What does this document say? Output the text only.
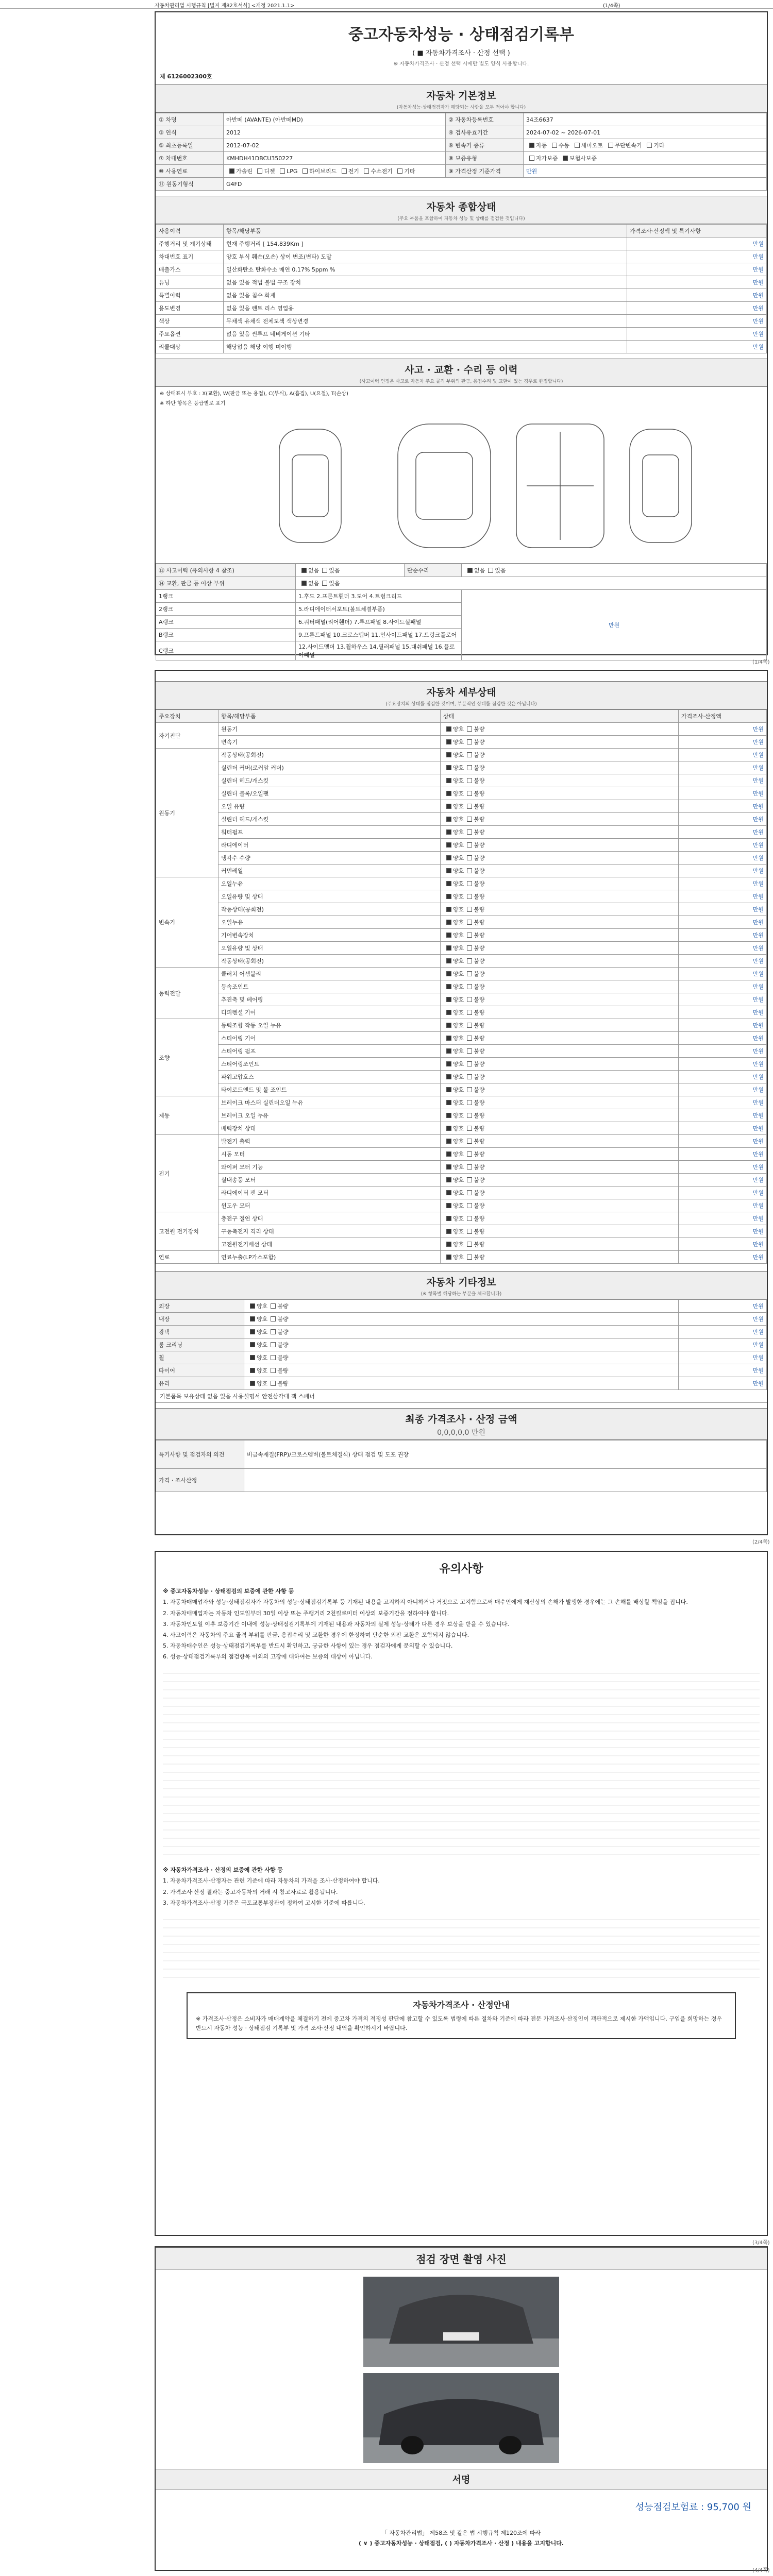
자동차관리법 시행규칙 [별지 제82호서식] <개정 2021.1.1>	(1/4쪽)
중고자동차성능 · 상태점검기록부
( ■ 자동차가격조사 · 산정 선택 )
※ 자동차가격조사 · 산정 선택 시에만 별도 양식 사용합니다.
제 6126002300호
자동차 기본정보
(자동차성능·상태점검자가 해당되는 사항을 모두 적어야 합니다)
① 차명	아반떼 (AVANTE) (아반떼MD)	② 자동차등록번호	34조6637
③ 연식	2012	④ 검사유효기간	2024-07-02 ~ 2026-07-01
⑤ 최초등록일	2012-07-02	⑥ 변속기 종류	자동 수동 세미오토 무단변속기 기타
⑦ 차대번호	KMHDH41DBCU350227	⑧ 보증유형	자가보증 보험사보증
⑩ 사용연료	가솔린 디젤 LPG 하이브리드 전기 수소전기 기타	⑨ 가격산정 기준가격	만원
⑪ 원동기형식	G4FD		
자동차 종합상태
(주요 부품을 포함하여 자동차 성능 및 상태를 점검한 것입니다)
사용이력	항목/해당부품	가격조사·산정액 및 특기사항
주행거리 및 계기상태	현재 주행거리 [ 154,839Km ]	만원
차대번호 표기	양호 부식 훼손(오손) 상이 변조(변타) 도말	만원
배출가스	일산화탄소 탄화수소 매연 0.17% 5ppm %	만원
튜닝	없음 있음 적법 불법 구조 장치	만원
특별이력	없음 있음 침수 화재	만원
용도변경	없음 있음 렌트 리스 영업용	만원
색상	무채색 유채색 전체도색 색상변경	만원
주요옵션	없음 있음 썬루프 네비게이션 기타	만원
리콜대상	해당없음 해당 이행 미이행	만원
사고 · 교환 · 수리 등 이력
(사고이력 인정은 사고로 자동차 주요 골격 부위의 판금, 용접수리 및 교환이 있는 경우로 한정합니다)
※ 상태표시 부호 : X(교환), W(판금 또는 용접), C(부식), A(흠집), U(요철), T(손상)
※ 하단 항목은 등급별로 표기
⑬ 사고이력 (유의사항 4 참조)	없음 있음	단순수리	없음 있음
⑭ 교환, 판금 등 이상 부위	없음 있음		
1랭크	1.후드 2.프론트휀더 3.도어 4.트렁크리드		만원
2랭크	5.라디에이터서포트(볼트체결부품)		
A랭크	6.쿼터패널(리어휀더) 7.루프패널 8.사이드실패널		
B랭크	9.프론트패널 10.크로스멤버 11.인사이드패널 17.트렁크플로어		
C랭크	12.사이드멤버 13.휠하우스 14.필러패널 15.대쉬패널 16.플로어패널		
(1/4쪽)
자동차 세부상태
(주요장치의 상태를 점검한 것이며, 부분적인 상태를 점검한 것은 아닙니다)
주요장치	항목/해당부품	상태	가격조사·산정액
자기진단	원동기	양호 불량	만원
	변속기	양호 불량	만원
원동기	작동상태(공회전)	양호 불량	만원
	실린더 커버(로커암 커버)	양호 불량	만원
	실린더 헤드/개스킷	양호 불량	만원
	실린더 블록/오일팬	양호 불량	만원
	오일 유량	양호 불량	만원
	실린더 헤드/개스킷	양호 불량	만원
	워터펌프	양호 불량	만원
	라디에이터	양호 불량	만원
	냉각수 수량	양호 불량	만원
	커먼레일	양호 불량	만원
변속기	오일누유	양호 불량	만원
	오일유량 및 상태	양호 불량	만원
	작동상태(공회전)	양호 불량	만원
	오일누유	양호 불량	만원
	기어변속장치	양호 불량	만원
	오일유량 및 상태	양호 불량	만원
	작동상태(공회전)	양호 불량	만원
동력전달	클러치 어셈블리	양호 불량	만원
	등속조인트	양호 불량	만원
	추진축 및 베어링	양호 불량	만원
	디퍼렌셜 기어	양호 불량	만원
조향	동력조향 작동 오일 누유	양호 불량	만원
	스티어링 기어	양호 불량	만원
	스티어링 펌프	양호 불량	만원
	스티어링조인트	양호 불량	만원
	파워고압호스	양호 불량	만원
	타이로드엔드 및 볼 조인트	양호 불량	만원
제동	브레이크 마스터 실린더오일 누유	양호 불량	만원
	브레이크 오일 누유	양호 불량	만원
	배력장치 상태	양호 불량	만원
전기	발전기 출력	양호 불량	만원
	시동 모터	양호 불량	만원
	와이퍼 모터 기능	양호 불량	만원
	실내송풍 모터	양호 불량	만원
	라디에이터 팬 모터	양호 불량	만원
	윈도우 모터	양호 불량	만원
고전원 전기장치	충전구 절연 상태	양호 불량	만원
	구동축전지 격리 상태	양호 불량	만원
	고전원전기배선 상태	양호 불량	만원
연료	연료누출(LP가스포함)	양호 불량	만원
자동차 기타정보
(※ 항목별 해당하는 부분을 체크합니다)
외장	양호 불량	만원
내장	양호 불량	만원
광택	양호 불량	만원
룸 크리닝	양호 불량	만원
휠	양호 불량	만원
타이어	양호 불량	만원
유리	양호 불량	만원
기본품목 보유상태 없음 있음 사용설명서 안전삼각대 잭 스패너
최종 가격조사 · 산정 금액
0,0,0,0,0 만원
특기사항 및 점검자의 의견	비금속재질(FRP)/크로스멤버(볼트체결식) 상태 점검 및 도포 권장
가격 · 조사산정	
(2/4쪽)
유의사항

※ 중고자동차성능 · 상태점검의 보증에 관한 사항 등

1. 자동차매매업자와 성능·상태점검자가 자동차의 성능·상태점검기록부 등 기재된 내용을 고지하지 아니하거나 거짓으로 고지함으로써 매수인에게 재산상의 손해가 발생한 경우에는 그 손해를 배상할 책임을 집니다.

2. 자동차매매업자는 자동차 인도일부터 30일 이상 또는 주행거리 2천킬로미터 이상의 보증기간을 정하여야 합니다.

3. 자동차인도일 이후 보증기간 이내에 성능·상태점검기록부에 기재된 내용과 자동차의 실제 성능·상태가 다른 경우 보상을 받을 수 있습니다.

4. 사고이력은 자동차의 주요 골격 부위를 판금, 용접수리 및 교환한 경우에 한정하며 단순한 외판 교환은 포함되지 않습니다.

5. 자동차매수인은 성능·상태점검기록부를 반드시 확인하고, 궁금한 사항이 있는 경우 점검자에게 문의할 수 있습니다.

6. 성능·상태점검기록부의 점검항목 이외의 고장에 대하여는 보증의 대상이 아닙니다.

※ 자동차가격조사 · 산정의 보증에 관한 사항 등

1. 자동차가격조사·산정자는 관련 기준에 따라 자동차의 가격을 조사·산정하여야 합니다.

2. 가격조사·산정 결과는 중고자동차의 거래 시 참고자료로 활용됩니다.

3. 자동차가격조사·산정 기준은 국토교통부장관이 정하여 고시한 기준에 따릅니다.

자동차가격조사 · 산정안내
※ 가격조사·산정은 소비자가 매매계약을 체결하기 전에 중고차 가격의 적정성 판단에 참고할 수 있도록 법령에 따른 절차와 기준에 따라 전문 가격조사·산정인이 객관적으로 제시한 가액입니다. 구입을 희망하는 경우 반드시 자동차 성능 · 상태점검 기록부 및 가격 조사·산정 내역을 확인하시기 바랍니다.
(3/4쪽)
점검 장면 촬영 사진
서명
성능점검보험료 : 95,700 원
「 자동차관리법」 제58조 및 같은 법 시행규칙 제120조에 따라
( ∨ ) 중고자동차성능 · 상태점검, ( ) 자동차가격조사 · 산정 ) 내용을 고지합니다.
(4/4쪽)
